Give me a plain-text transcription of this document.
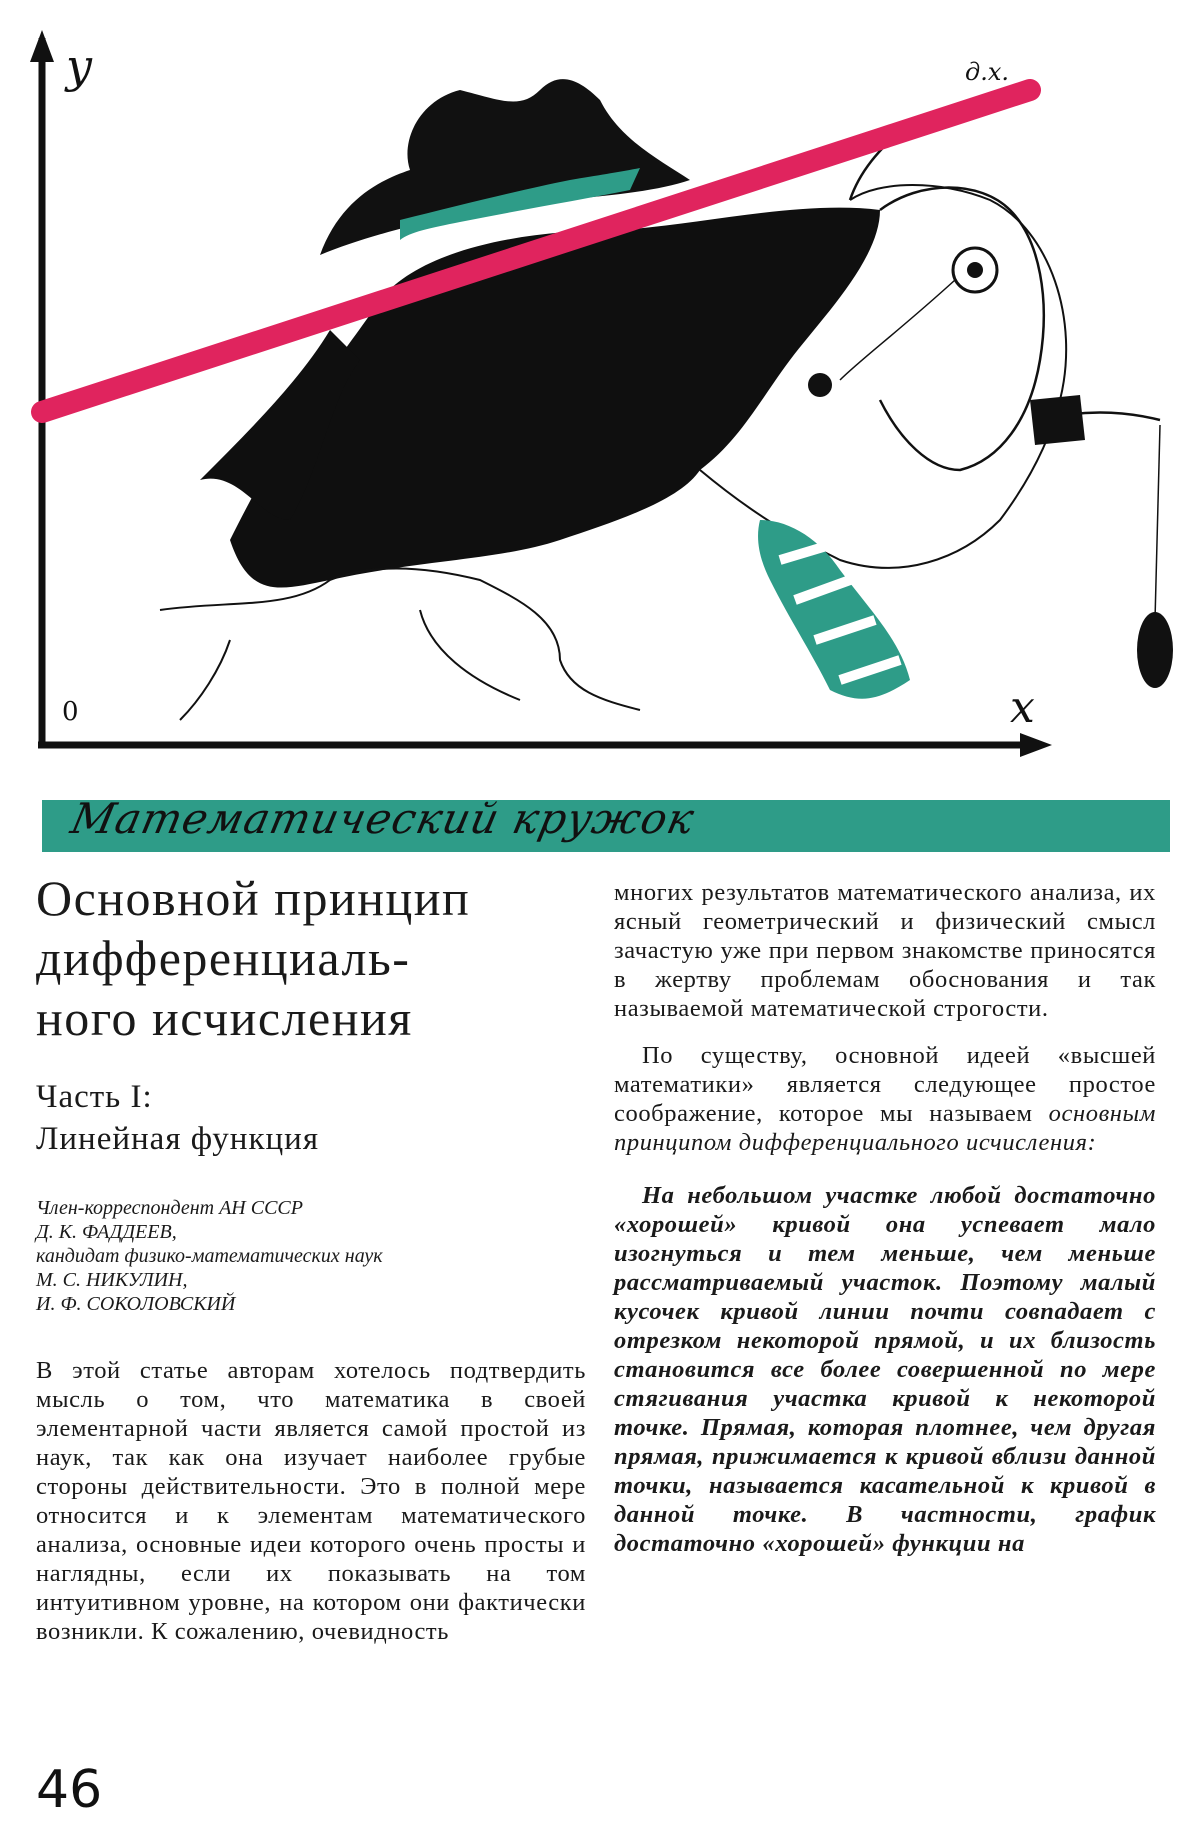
y
x
0
д.х.
Математический кружок
Основной принцип
дифференциаль-
ного исчисления
Часть I:
Линейная функция
Член-корреспондент АН СССР
Д. К. ФАДДЕЕВ,
кандидат физико-математических наук
М. С. НИКУЛИН,
И. Ф. СОКОЛОВСКИЙ

В этой статье авторам хотелось подтвердить мысль о том, что математика в своей элементарной части является самой простой из наук, так как она изучает наиболее грубые стороны действительности. Это в полной мере относится и к элементам математического анализа, основные идеи которого очень просты и наглядны, если их показывать на том интуитивном уровне, на котором они фактически возникли. К сожалению, очевидность

многих результатов математического анализа, их ясный геометрический и физический смысл зачастую уже при первом знакомстве приносятся в жертву проблемам обоснования и так называемой математической строгости.

По существу, основной идеей «высшей математики» является следующее простое соображение, которое мы называем основным принципом дифференциального исчисления:

На небольшом участке любой достаточно «хорошей» кривой она успевает мало изогнуться и тем меньше, чем меньше рассматриваемый участок. Поэтому малый кусочек кривой линии почти совпадает с отрезком некоторой прямой, и их близость становится все более совершенной по мере стягивания участка кривой к некоторой точке. Прямая, которая плотнее, чем другая прямая, прижимается к кривой вблизи данной точки, называется касательной к кривой в данной точке. В частности, график достаточно «хорошей» функции на

46
